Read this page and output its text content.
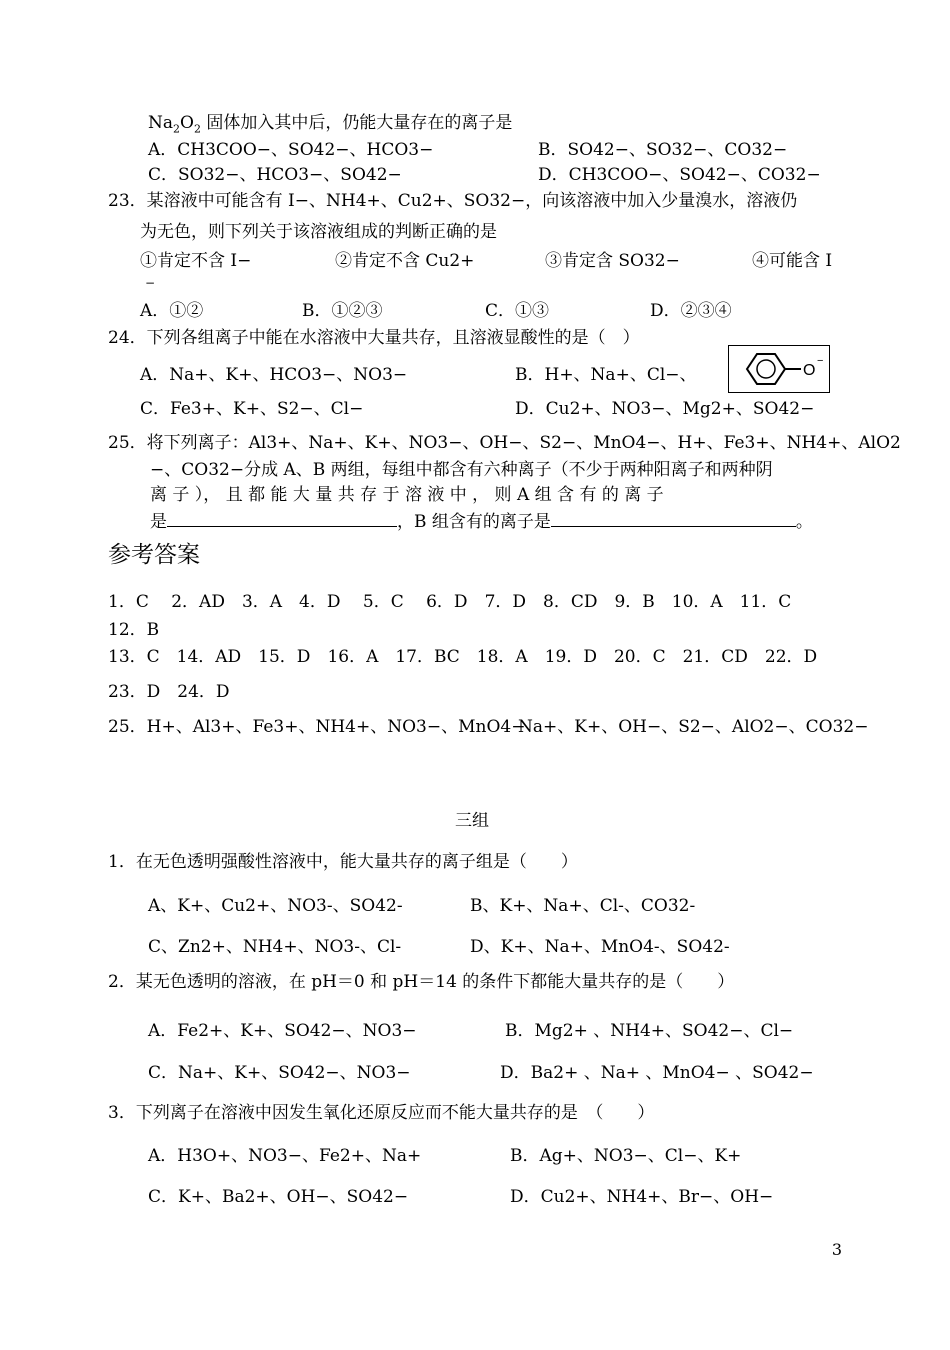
$Na_2O_2$ 固体加入其中后，仍能大量存在的离子是
A．CH3COO−、SO42−、HCO3−	B．SO42−、SO32−、CO32−
C．SO32−、HCO3−、SO42−	D．CH3COO−、SO42−、CO32−
23．某溶液中可能含有 I−、NH4+、Cu2+、SO32−，向该溶液中加入少量溴水，溶液仍
为无色，则下列关于该溶液组成的判断正确的是
①肯定不含 I−	②肯定不含 Cu2+	③肯定含 SO32−	④可能含 I
−
A．①②	B．①②③	C．①③	D．②③④
24．下列各组离子中能在水溶液中大量共存，且溶液显酸性的是（　）
A．Na+、K+、HCO3−、NO3−	B．H+、Na+、Cl−、	O
−
C．Fe3+、K+、S2−、Cl−	D．Cu2+、NO3−、Mg2+、SO42−
25．将下列离子：Al3+、Na+、K+、NO3−、OH−、S2−、MnO4−、H+、Fe3+、NH4+、AlO2
−、CO32−分成 A、B 两组，每组中都含有六种离子（不少于两种阳离子和两种阴
离 子 ）， 且 都 能 大 量 共 存 于 溶 液 中 ， 则 A 组 含 有 的 离 子
是	，B 组含有的离子是	。
参考答案
1．C　 2．AD　3．A　4．D　 5．C　 6．D　7．D　8．CD　9．B　10．A　11．C
12．B
13．C　14．AD　15．D　16．A　17．BC　18．A　19．D　20．C　21．CD　22．D
23．D　24．D
25．H+、Al3+、Fe3+、NH4+、NO3−、MnO4−
Na+、K+、OH−、S2−、AlO2−、CO32−
三组
1．在无色透明强酸性溶液中，能大量共存的离子组是（　　）
A、K+、Cu2+、NO3-、SO42-	B、K+、Na+、Cl-、CO32-
C、Zn2+、NH4+、NO3-、Cl-	D、K+、Na+、MnO4-、SO42-
2．某无色透明的溶液，在 pH＝0 和 pH＝14 的条件下都能大量共存的是（　　）
A．Fe2+、K+、SO42−、NO3−	B．Mg2+ 、NH4+、SO42−、Cl−
C．Na+、K+、SO42−、NO3−	D．Ba2+ 、Na+ 、MnO4− 、SO42−
3．下列离子在溶液中因发生氧化还原反应而不能大量共存的是　（　　）
A．H3O+、NO3−、Fe2+、Na+	B．Ag+、NO3−、Cl−、K+
C．K+、Ba2+、OH−、SO42−	D．Cu2+、NH4+、Br−、OH−
3
